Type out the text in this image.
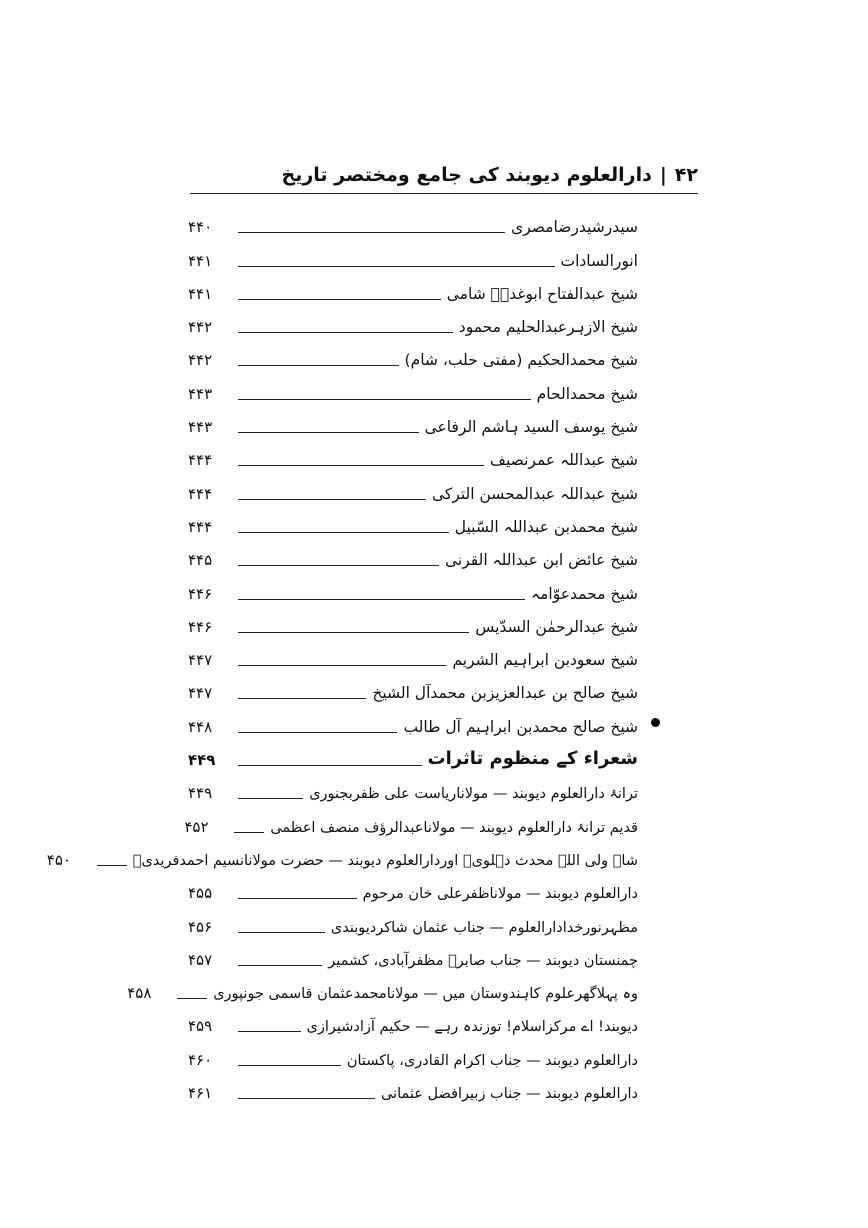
۴۲
|
دارالعلوم دیوبند کی جامع ومختصر تاریخ
سیدرشیدرضامصری
۴۴۰
انورالسادات
۴۴۱
شیخ عبدالفتاح ابوغدہؒ شامی
۴۴۱
شیخ الازہرعبدالحلیم محمود
۴۴۲
شیخ محمدالحکیم (مفتی حلب، شام)
۴۴۲
شیخ محمدالحام
۴۴۳
شیخ یوسف السید ہاشم الرفاعی
۴۴۳
شیخ عبداللہ عمرنصیف
۴۴۴
شیخ عبداللہ عبدالمحسن الترکی
۴۴۴
شیخ محمدبن عبداللہ السّبیل
۴۴۴
شیخ عائض ابن عبداللہ القرنی
۴۴۵
شیخ محمدعوّامہ
۴۴۶
شیخ عبدالرحمٰن السدّیس
۴۴۶
شیخ سعودبن ابراہیم الشریم
۴۴۷
شیخ صالح بن عبدالعزیزبن محمدآل الشیخ
۴۴۷
شیخ صالح محمدبن ابراہیم آل طالب
۴۴۸
شعراء کے منظوم تاثرات
۴۴۹
ترانۂ دارالعلوم دیوبند — مولاناریاست علی ظفربجنوری
۴۴۹
قدیم ترانۂ دارالعلوم دیوبند — مولاناعبدالرؤف منصف اعظمی
۴۵۲
شاہ ولی اللہ محدث دہلویؒ اوردارالعلوم دیوبند — حضرت مولانانسیم احمدفریدیؒ
۴۵۰
دارالعلوم دیوبند — مولاناظفرعلی خان مرحوم
۴۵۵
مظہرنورخدادارالعلوم — جناب عثمان شاکردیوبندی
۴۵۶
چمنستان دیوبند — جناب صابرؔ مظفرآبادی، کشمیر
۴۵۷
وہ پہلاگھرعلوم کاہندوستان میں — مولانامحمدعثمان قاسمی جونپوری
۴۵۸
دیوبند! اے مرکزاسلام! توزندہ رہے — حکیم آزادشیرازی
۴۵۹
دارالعلوم دیوبند — جناب اکرام القادری، پاکستان
۴۶۰
دارالعلوم دیوبند — جناب زبیرافضل عثمانی
۴۶۱
